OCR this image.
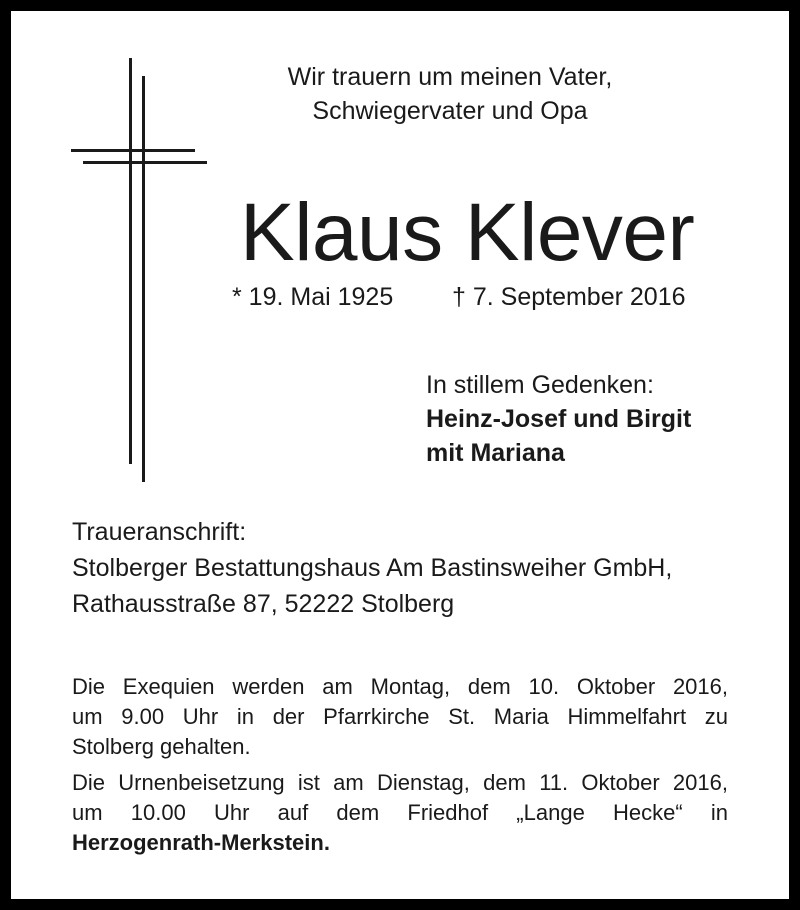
Wir trauern um meinen Vater,
Schwiegervater und Opa
Klaus Klever
* 19. Mai 1925 † 7. September 2016
In stillem Gedenken:
Heinz-Josef und Birgit
mit Mariana
Traueranschrift:
Stolberger Bestattungshaus Am Bastinsweiher GmbH,
Rathausstraße 87, 52222 Stolberg
Die Exequien werden am Montag, dem 10. Oktober 2016,
um 9.00 Uhr in der Pfarrkirche St. Maria Himmelfahrt zu
Stolberg gehalten.
Die Urnenbeisetzung ist am Dienstag, dem 11. Oktober 2016,
um 10.00 Uhr auf dem Friedhof „Lange Hecke“ in
Herzogenrath-Merkstein.
